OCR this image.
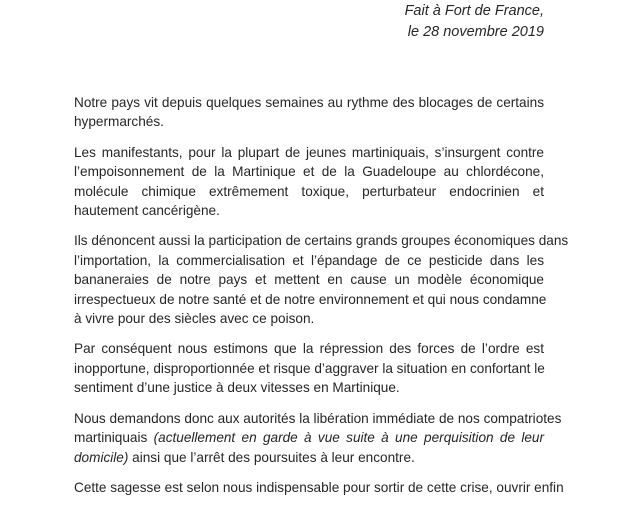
Fait à Fort de France,
le 28 novembre 2019
Notre pays vit depuis quelques semaines au rythme des blocages de certains
hypermarchés.
Les manifestants, pour la plupart de jeunes martiniquais, s’insurgent contre
l’empoisonnement de la Martinique et de la Guadeloupe au chlordécone,
molécule chimique extrêmement toxique, perturbateur endocrinien et
hautement cancérigène.
Ils dénoncent aussi la participation de certains grands groupes économiques dans
l’importation, la commercialisation et l’épandage de ce pesticide dans les
bananeraies de notre pays et mettent en cause un modèle économique
irrespectueux de notre santé et de notre environnement et qui nous condamne
à vivre pour des siècles avec ce poison.
Par conséquent nous estimons que la répression des forces de l’ordre est
inopportune, disproportionnée et risque d’aggraver la situation en confortant le
sentiment d’une justice à deux vitesses en Martinique.
Nous demandons donc aux autorités la libération immédiate de nos compatriotes
martiniquais (actuellement en garde à vue suite à une perquisition de leur
domicile) ainsi que l’arrêt des poursuites à leur encontre.
Cette sagesse est selon nous indispensable pour sortir de cette crise, ouvrir enfin
